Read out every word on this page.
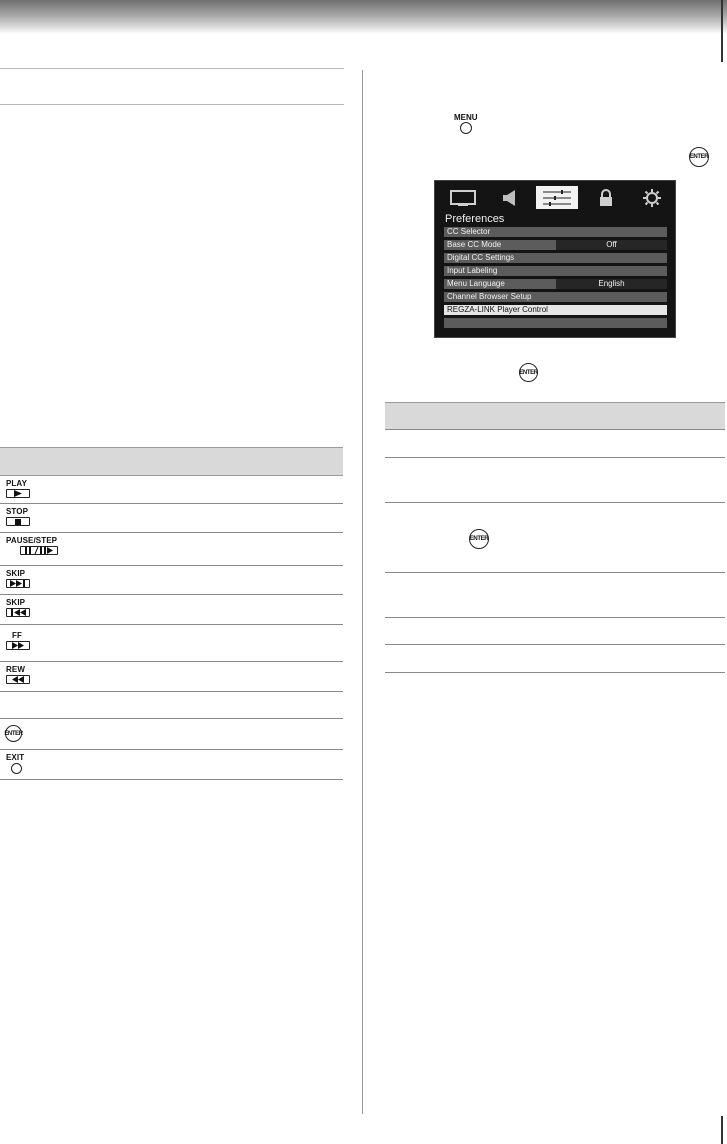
PLAY
STOP
PAUSE/STEP
SKIP
SKIP
FF
REW
ENTER
EXIT
MENU
ENTER
Preferences
CC Selector
Base CC Mode	Off
Digital CC Settings
Input Labeling
Menu Language	English
Channel Browser Setup
REGZA-LINK Player Control
ENTER
ENTER
